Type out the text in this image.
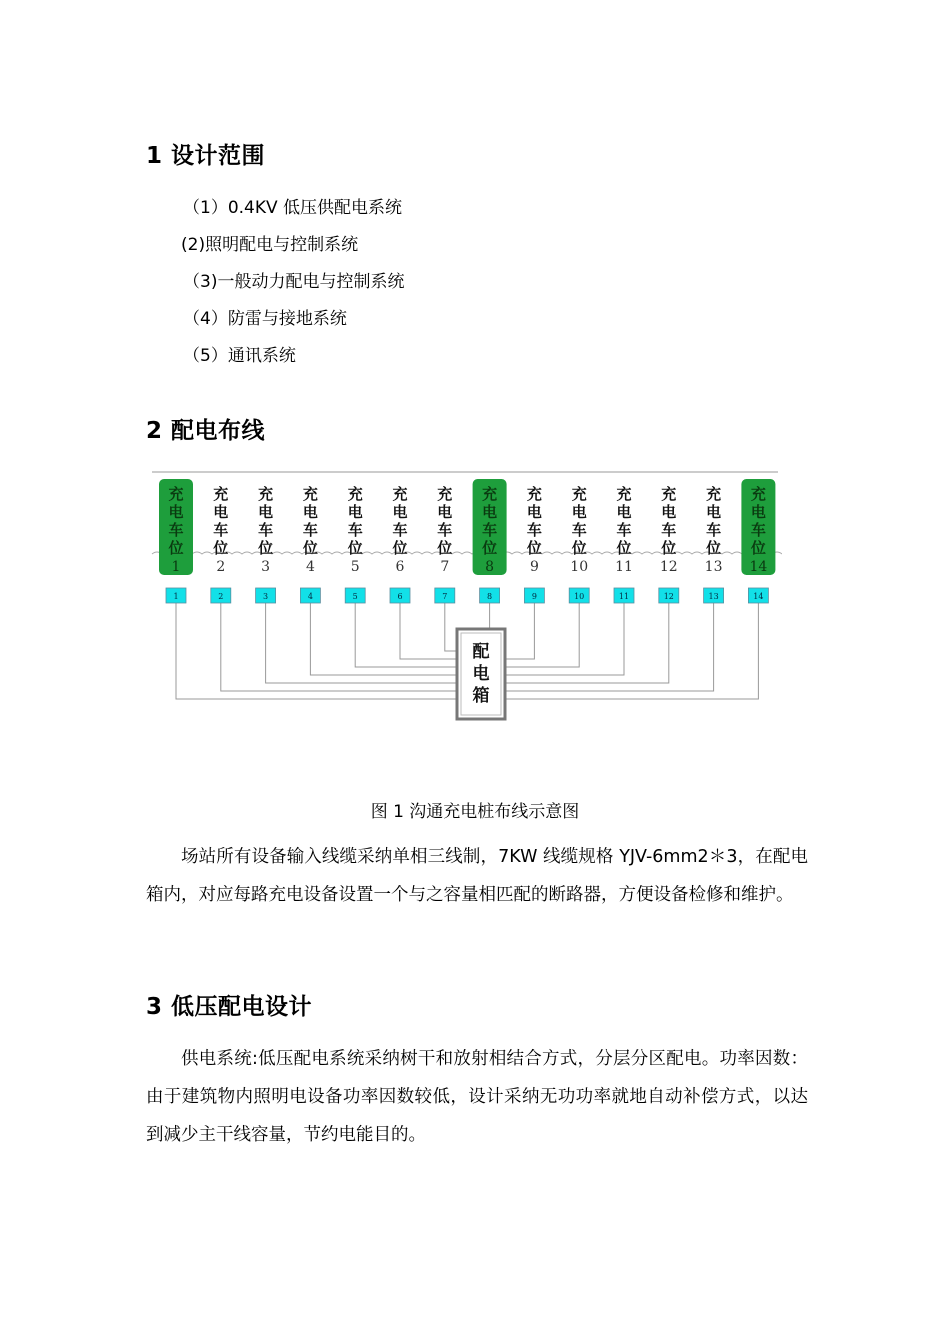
1 设计范围
（1）0.4KV 低压供配电系统
(2)照明配电与控制系统
（3)一般动力配电与控制系统
（4）防雷与接地系统
（5）通讯系统
2 配电布线
充
电
车
位
1
1
充
电
车
位
2
2
充
电
车
位
3
3
充
电
车
位
4
4
充
电
车
位
5
5
充
电
车
位
6
6
充
电
车
位
7
7
充
电
车
位
8
8
充
电
车
位
9
9
充
电
车
位
10
10
充
电
车
位
11
11
充
电
车
位
12
12
充
电
车
位
13
13
充
电
车
位
14
14
配
电
箱
图 1 沟通充电桩布线示意图

场站所有设备输入线缆采纳单相三线制，7KW 线缆规格 YJV-6mm2＊3，在配电箱内，对应每路充电设备设置一个与之容量相匹配的断路器，方便设备检修和维护。

3 低压配电设计

供电系统:低压配电系统采纳树干和放射相结合方式，分层分区配电。功率因数：由于建筑物内照明电设备功率因数较低，设计采纳无功功率就地自动补偿方式，以达到减少主干线容量，节约电能目的。
